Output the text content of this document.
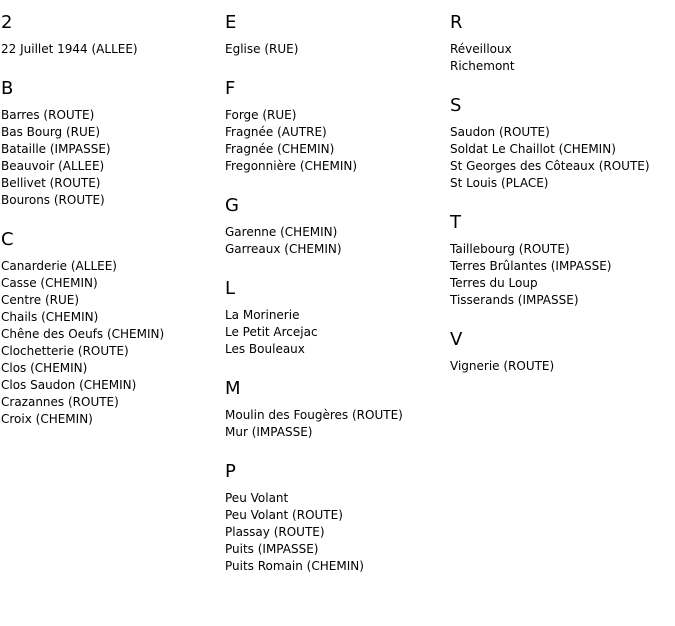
2
22 Juillet 1944 (ALLEE)
B
Barres (ROUTE)
Bas Bourg (RUE)
Bataille (IMPASSE)
Beauvoir (ALLEE)
Bellivet (ROUTE)
Bourons (ROUTE)
C
Canarderie (ALLEE)
Casse (CHEMIN)
Centre (RUE)
Chails (CHEMIN)
Chêne des Oeufs (CHEMIN)
Clochetterie (ROUTE)
Clos (CHEMIN)
Clos Saudon (CHEMIN)
Crazannes (ROUTE)
Croix (CHEMIN)
E
Eglise (RUE)
F
Forge (RUE)
Fragnée (AUTRE)
Fragnée (CHEMIN)
Fregonnière (CHEMIN)
G
Garenne (CHEMIN)
Garreaux (CHEMIN)
L
La Morinerie
Le Petit Arcejac
Les Bouleaux
M
Moulin des Fougères (ROUTE)
Mur (IMPASSE)
P
Peu Volant
Peu Volant (ROUTE)
Plassay (ROUTE)
Puits (IMPASSE)
Puits Romain (CHEMIN)
R
Réveilloux
Richemont
S
Saudon (ROUTE)
Soldat Le Chaillot (CHEMIN)
St Georges des Côteaux (ROUTE)
St Louis (PLACE)
T
Taillebourg (ROUTE)
Terres Brûlantes (IMPASSE)
Terres du Loup
Tisserands (IMPASSE)
V
Vignerie (ROUTE)
